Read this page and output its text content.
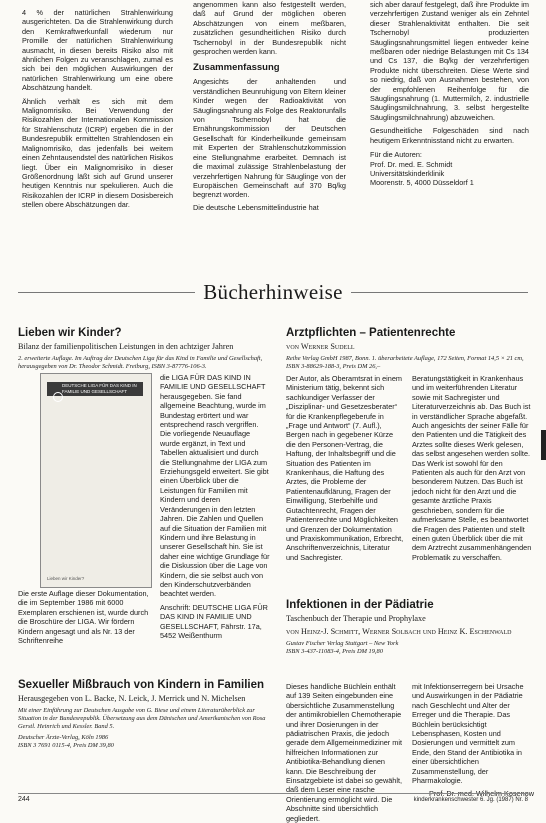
4 % der natürlichen Strahlenwirkung ausgerichteten. Da die Strahlenwirkung durch den Kernkraftwerkunfall wiederum nur Promille der natürlichen Strahlenwirkung ausmacht, in diesen bereits Risiko also mit ähnlichen Folgen zu veranschlagen, zumal es sich bei den möglichen Auswirkungen der natürlichen Strahlenwirkung um eine obere Abschätzung handelt.

Ähnlich verhält es sich mit dem Malignomrisiko. Bei Verwendung der Risikozahlen der Internationalen Kommission für Strahlenschutz (ICRP) ergeben die in der Bundesrepublik ermittelten Strahlendosen ein Malignomrisiko, das jedenfalls bei weitem einen Zehntausendstel des natürlichen Risikos liegt. Über ein Malignomrisiko in dieser Größenordnung läßt sich auf Grund unserer heutigen Kenntnis nur spekulieren. Auch die Risikozahlen der ICRP in diesem Dosisbereich stellen obere Abschätzungen dar.

angenommen kann also festgestellt werden, daß auf Grund der möglichen oberen Abschätzungen von einem meßbaren, zusätzlichen gesundheitlichen Risiko durch Tschernobyl in der Bundesrepublik nicht gesprochen werden kann.

Zusammenfassung

Angesichts der anhaltenden und verständlichen Beunruhigung von Eltern kleiner Kinder wegen der Radioaktivität von Säuglingsnahrung als Folge des Reaktorunfalls von Tschernobyl hat die Ernährungskommission der Deutschen Gesellschaft für Kinderheilkunde gemeinsam mit Experten der Strahlenschutzkommission eine Stellungnahme erarbeitet. Demnach ist die maximal zulässige Strahlenbelastung der verzehrfertigen Nahrung für Säuglinge von der Europäischen Gemeinschaft auf 370 Bq/kg begrenzt worden.

Die deutsche Lebensmittelindustrie hat

sich aber darauf festgelegt, daß ihre Produkte im verzehrfertigen Zustand weniger als ein Zehntel dieser Strahlenaktivität enthalten. Die seit Tschernobyl produzierten Säuglingsnahrungsmittel liegen entweder keine meßbaren oder niedrige Belastungen mit Cs 134 und Cs 137, die Bq/kg der verzehrfertigen Produkte nicht überschreiten. Diese Werte sind so niedrig, daß von Ausnahmen bestehen, von der empfohlenen Reihenfolge für die Säuglingsnahrung (1. Muttermilch, 2. industrielle Säuglingsmilchnahrung, 3. selbst hergestellte Säuglingsmilchnahrung) abzuweichen.

Gesundheitliche Folgeschäden sind nach heutigem Erkenntnisstand nicht zu erwarten.

Für die Autoren:
Prof. Dr. med. E. Schmidt
Universitätskinderklinik
Moorenstr. 5, 4000 Düsseldorf 1
Bücherhinweise
Lieben wir Kinder?
Bilanz der familienpolitischen Leistungen in den achtziger Jahren
2. erweiterte Auflage. Im Auftrag der Deutschen Liga für das Kind in Familie und Gesellschaft, herausgegeben von Dr. Theodor Schmidt. Freiburg, ISBN 3-87776-106-3.
DEUTSCHE LIGA FÜR DAS KIND IN FAMILIE UND GESELLSCHAFT
Lieben wir Kinder?

die LIGA FÜR DAS KIND IN FAMILIE UND GESELLSCHAFT herausgegeben. Sie fand allgemeine Beachtung, wurde im Bundestag erörtert und war entsprechend rasch vergriffen. Die vorliegende Neuauflage wurde ergänzt, in Text und Tabellen aktualisiert und durch die Stellungnahme der LIGA zum Erziehungsgeld erweitert. Sie gibt einen Überblick über die Leistungen für Familien mit Kindern und deren Veränderungen in den letzten Jahren. Die Zahlen und Quellen auf die Situation der Familien mit Kindern und ihre Belastung in unserer Gesellschaft hin. Sie ist daher eine wichtige Grundlage für die Diskussion über die Lage von Kindern, die sie selbst auch von den Kinderschutzverbänden beachtet werden.

Anschrift: DEUTSCHE LIGA FÜR DAS KIND IN FAMILIE UND GESELLSCHAFT, Fährstr. 17a, 5452 Weißenthurm

Die erste Auflage dieser Dokumentation, die im September 1986 mit 6000 Exemplaren erschienen ist, wurde durch die Broschüre der LIGA. Wir fördern Kindern angesagt und als Nr. 13 der Schriftenreihe

Sexueller Mißbrauch von Kindern in Familien
Herausgegeben von L. Backe, N. Leick, J. Merrick und N. Michelsen
Mit einer Einführung zur Deutschen Ausgabe von G. Biese und einem Literaturüberblick zur Situation in der Bundesrepublik. Übersetzung aus dem Dänischen und Amerikanischen von Rosa Gerstl. Heinrich und Kessler. Band 5.
Deutscher Ärzte-Verlag, Köln 1986
ISBN 3 7691 0115-4, Preis DM 39,80
Arztpflichten – Patientenrechte
von Werner Sudell
Reihe Verlag GmbH 1987, Bonn. 1. überarbeitete Auflage, 172 Seiten, Format 14,5 × 21 cm, ISBN 3-88629-188-3, Preis DM 26,–

Der Autor, als Oberamtsrat in einem Ministerium tätig, bekennt sich sachkundiger Verfasser der „Disziplinar- und Gesetzesberater“ für die Krankenpflegeberufe in „Frage und Antwort“ (7. Aufl.), Bergen nach in gegebener Kürze die den Personen-Vertrag, die Haftung, der Inhaltsbegriff und die Situation des Patienten im Krankenhaus, die Haftung des Arztes, die Probleme der Patientenaufklärung, Fragen der Einwilligung, Sterbehilfe und Gutachtenrecht, Fragen der Patientenrechte und Möglichkeiten und Grenzen der Dokumentation und Praxiskommunikation, Erbrecht, Anschriftenverzeichnis, Literatur und Sachregister.

Beratungstätigkeit in Krankenhaus und im weiterführenden Literatur sowie mit Sachregister und Literaturverzeichnis ab. Das Buch ist in verständlicher Sprache abgefaßt. Auch angesichts der seiner Fälle für den Patienten und die Tätigkeit des Arztes sollte dieses Werk gelesen, das selbst angesehen werden sollte. Das Werk ist sowohl für den Patienten als auch für den Arzt von besonderem Nutzen. Das Buch ist jedoch nicht für den Arzt und die gesamte ärztliche Praxis geschrieben, sondern für die aufmerksame Stelle, es beantwortet die Fragen des Patienten und stellt einen guten Überblick über die mit dem Arztrecht zusammenhängenden Problematik zu verschaffen.

Infektionen in der Pädiatrie
Taschenbuch der Therapie und Prophylaxe
von Heinz-J. Schmitt, Werner Solbach und Heinz K. Eschenwald
Gustav Fischer Verlag Stuttgart – New York
ISBN 3-437-11083-4, Preis DM 19,80

Dieses handliche Büchlein enthält auf 139 Seiten eingebunden eine übersichtliche Zusammenstellung der antimikrobiellen Chemotherapie und ihrer Dosierungen in der pädiatrischen Praxis, die jedoch gerade dem Allgemeinmediziner mit hilfreichen Informationen zur Antibiotika-Behandlung dienen kann. Die Beschreibung der Einsatzgebiete ist dabei so gewählt, daß dem Leser eine rasche Orientierung ermöglicht wird. Die Abschnitte sind übersichtlich gegliedert.

mit Infektionserregern bei Ursache und Auswirkungen in der Pädiatrie nach Geschlecht und Alter der Erreger und die Therapie. Das Büchlein berücksichtigt Lebensphasen, Kosten und Dosierungen und vermittelt zum Ende, den Stand der Antibiotika in einer übersichtlichen Zusammenstellung, der Pharmakologie.

Prof. Dr. med. Wilhelm Kosenow

244	kinderkrankenschwester 6. Jg. (1987) Nr. 8
